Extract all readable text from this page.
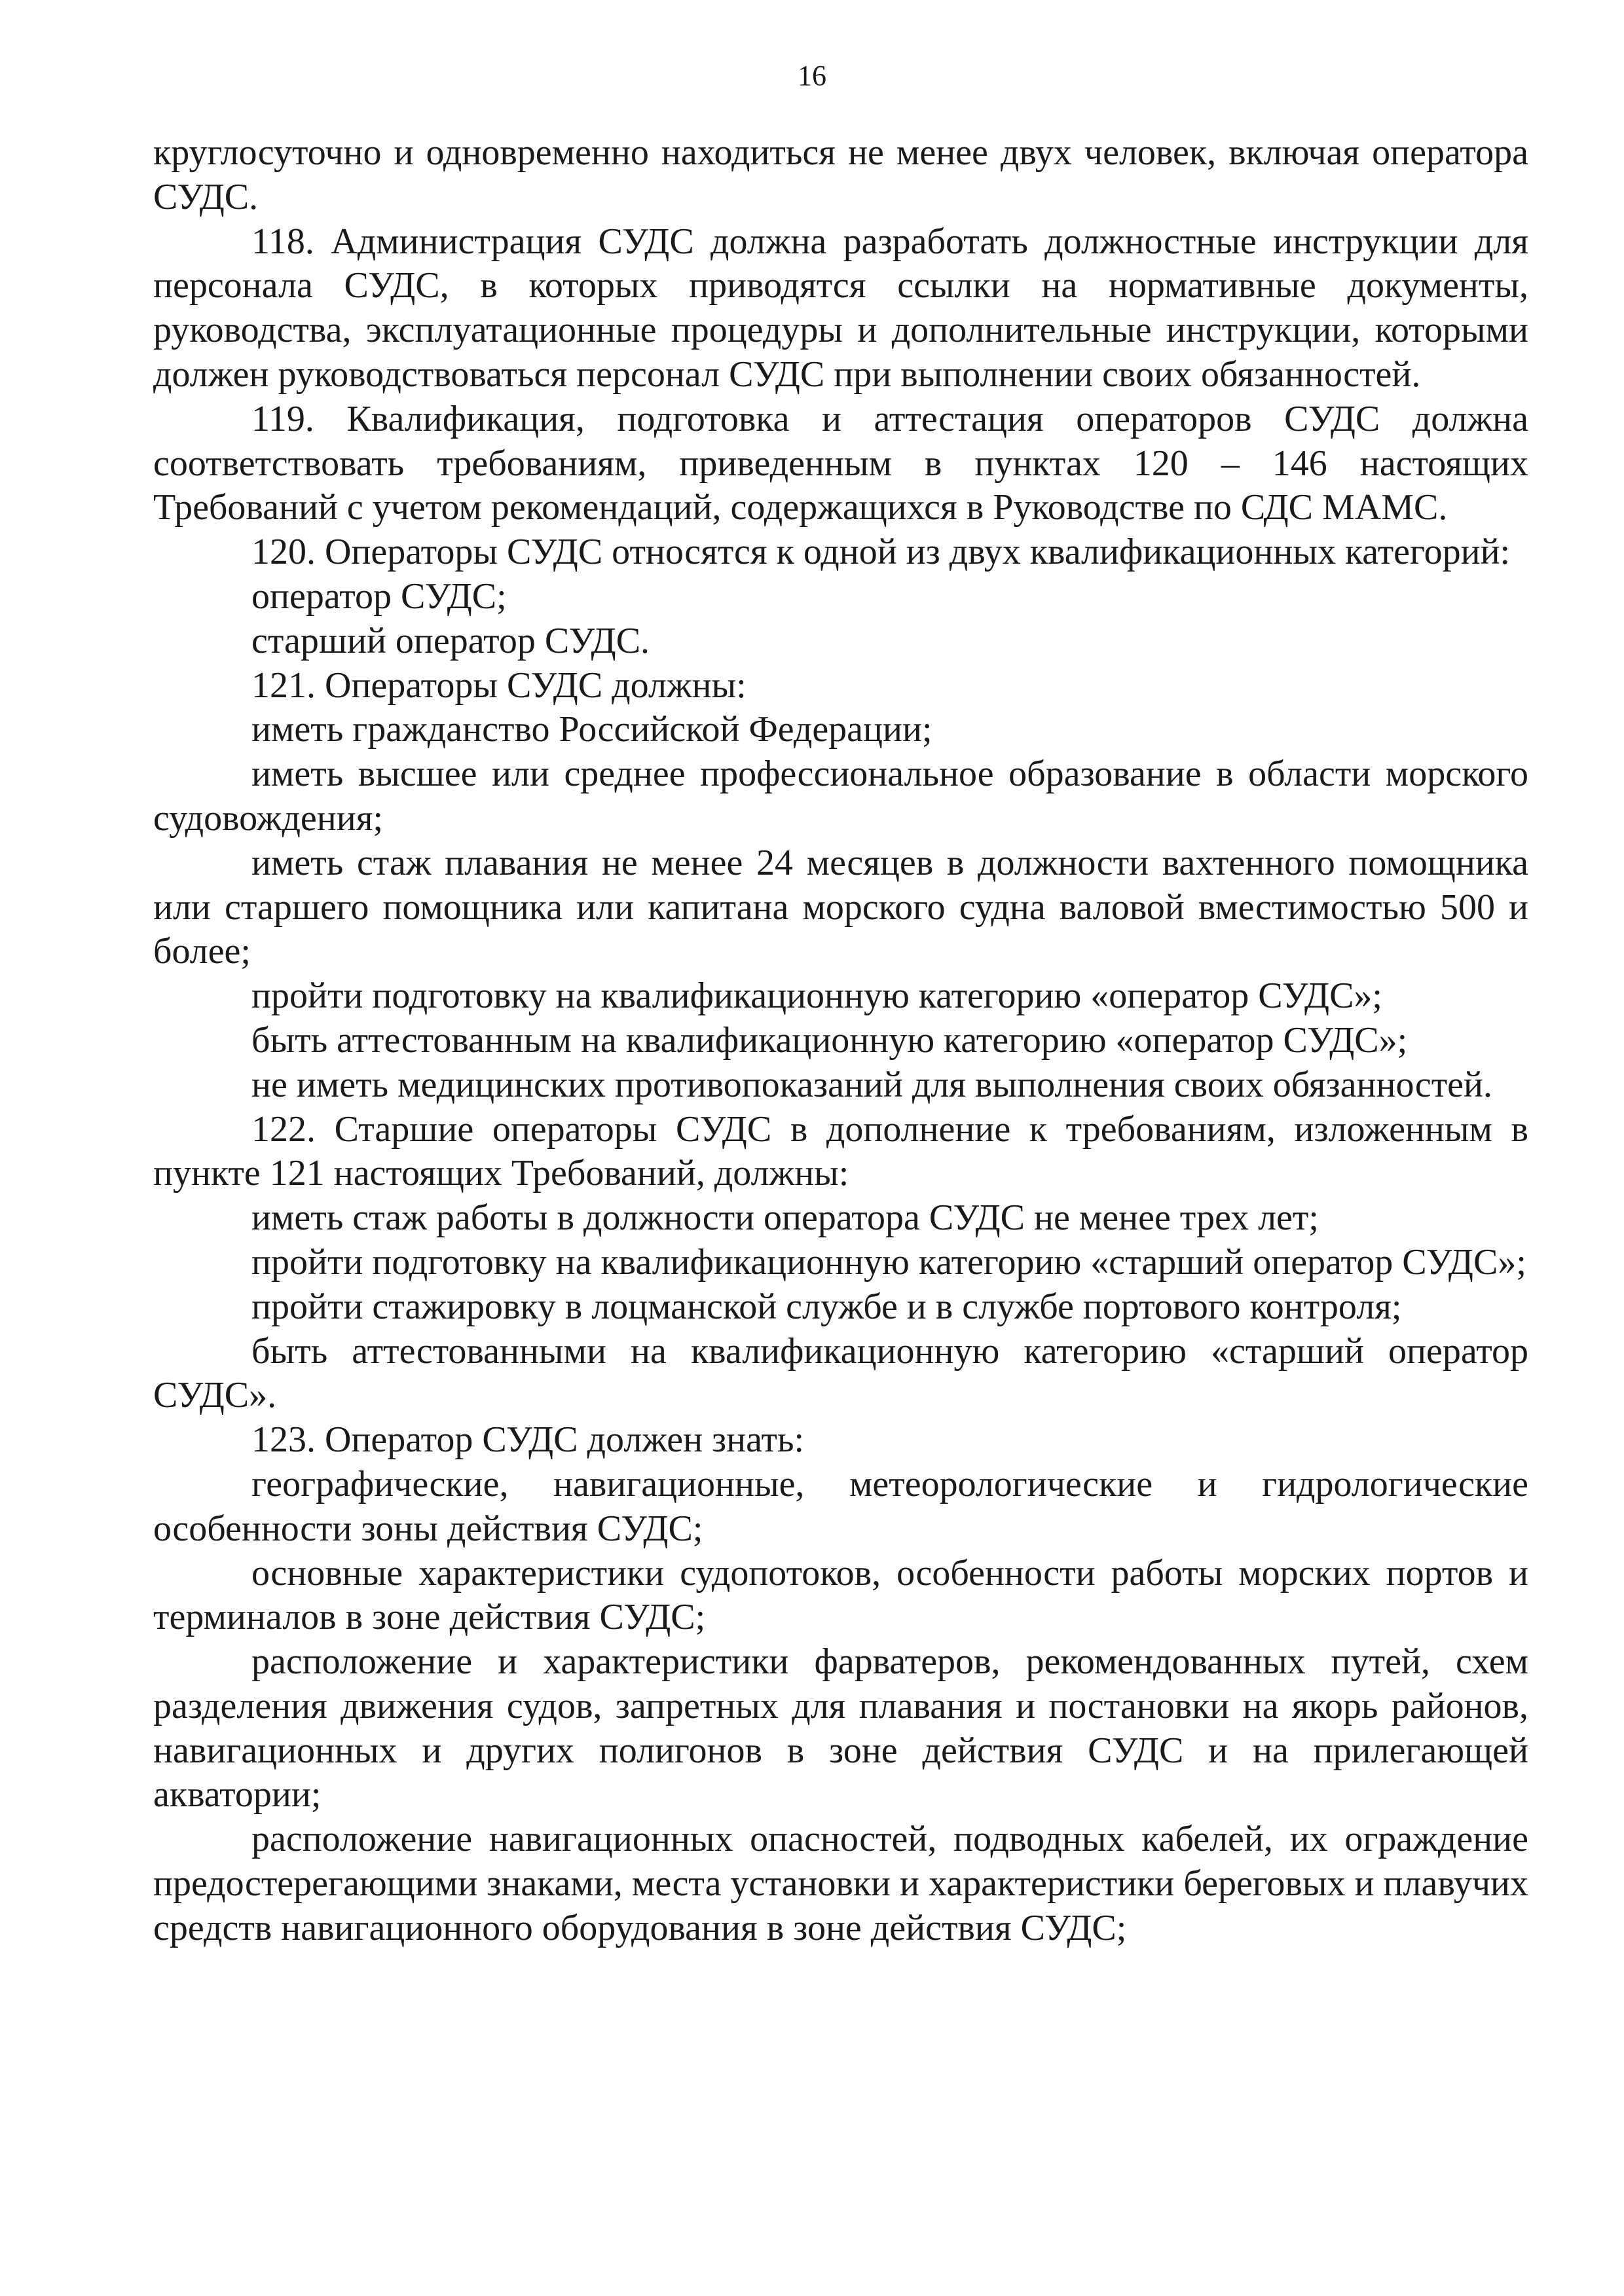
16

круглосуточно и одновременно находиться не менее двух человек, включая оператора СУДС.

118. Администрация СУДС должна разработать должностные инструкции для персонала СУДС, в которых приводятся ссылки на нормативные документы, руководства, эксплуатационные процедуры и дополнительные инструкции, которыми должен руководствоваться персонал СУДС при выполнении своих обязанностей.

119. Квалификация, подготовка и аттестация операторов СУДС должна соответствовать требованиям, приведенным в пунктах 120 – 146 настоящих Требований с учетом рекомендаций, содержащихся в Руководстве по СДС МАМС.

120. Операторы СУДС относятся к одной из двух квалификационных категорий:

оператор СУДС;

старший оператор СУДС.

121. Операторы СУДС должны:

иметь гражданство Российской Федерации;

иметь высшее или среднее профессиональное образование в области морского судовождения;

иметь стаж плавания не менее 24 месяцев в должности вахтенного помощника или старшего помощника или капитана морского судна валовой вместимостью 500 и более;

пройти подготовку на квалификационную категорию «оператор СУДС»;

быть аттестованным на квалификационную категорию «оператор СУДС»;

не иметь медицинских противопоказаний для выполнения своих обязанностей.

122. Старшие операторы СУДС в дополнение к требованиям, изложенным в пункте 121 настоящих Требований, должны:

иметь стаж работы в должности оператора СУДС не менее трех лет;

пройти подготовку на квалификационную категорию «старший оператор СУДС»;

пройти стажировку в лоцманской службе и в службе портового контроля;

быть аттестованными на квалификационную категорию «старший оператор СУДС».

123. Оператор СУДС должен знать:

географические, навигационные, метеорологические и гидрологические особенности зоны действия СУДС;

основные характеристики судопотоков, особенности работы морских портов и терминалов в зоне действия СУДС;

расположение и характеристики фарватеров, рекомендованных путей, схем разделения движения судов, запретных для плавания и постановки на якорь районов, навигационных и других полигонов в зоне действия СУДС и на прилегающей акватории;

расположение навигационных опасностей, подводных кабелей, их ограждение предостерегающими знаками, места установки и характеристики береговых и плавучих средств навигационного оборудования в зоне действия СУДС;
